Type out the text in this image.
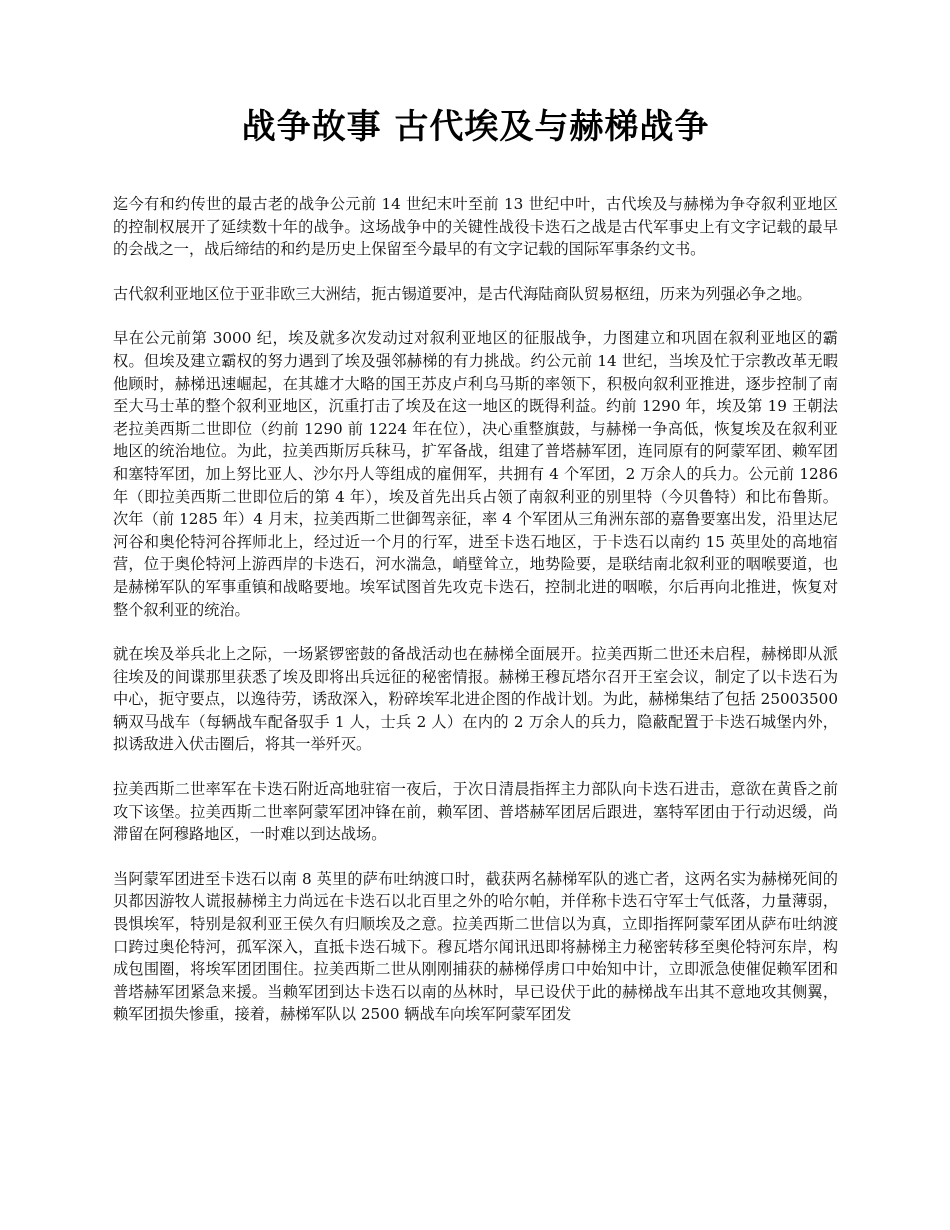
战争故事 古代埃及与赫梯战争

迄今有和约传世的最古老的战争公元前 14 世纪末叶至前 13 世纪中叶，古代埃及与赫梯为争夺叙利亚地区的控制权展开了延续数十年的战争。这场战争中的关键性战役卡迭石之战是古代军事史上有文字记载的最早的会战之一，战后缔结的和约是历史上保留至今最早的有文字记载的国际军事条约文书。

古代叙利亚地区位于亚非欧三大洲结，扼古锡道要冲，是古代海陆商队贸易枢纽，历来为列强必争之地。

早在公元前第 3000 纪，埃及就多次发动过对叙利亚地区的征服战争，力图建立和巩固在叙利亚地区的霸权。但埃及建立霸权的努力遇到了埃及强邻赫梯的有力挑战。约公元前 14 世纪，当埃及忙于宗教改革无暇他顾时，赫梯迅速崛起，在其雄才大略的国王苏皮卢利乌马斯的率领下，积极向叙利亚推进，逐步控制了南至大马士革的整个叙利亚地区，沉重打击了埃及在这一地区的既得利益。约前 1290 年，埃及第 19 王朝法老拉美西斯二世即位（约前 1290 前 1224 年在位），决心重整旗鼓，与赫梯一争高低，恢复埃及在叙利亚地区的统治地位。为此，拉美西斯厉兵秣马，扩军备战，组建了普塔赫军团，连同原有的阿蒙军团、赖军团和塞特军团，加上努比亚人、沙尔丹人等组成的雇佣军，共拥有 4 个军团，2 万余人的兵力。公元前 1286 年（即拉美西斯二世即位后的第 4 年），埃及首先出兵占领了南叙利亚的别里特（今贝鲁特）和比布鲁斯。次年（前 1285 年）4 月末，拉美西斯二世御驾亲征，率 4 个军团从三角洲东部的嘉鲁要塞出发，沿里达尼河谷和奥伦特河谷挥师北上，经过近一个月的行军，进至卡迭石地区，于卡迭石以南约 15 英里处的高地宿营，位于奥伦特河上游西岸的卡迭石，河水湍急，峭壁耸立，地势险要，是联结南北叙利亚的咽喉要道，也是赫梯军队的军事重镇和战略要地。埃军试图首先攻克卡迭石，控制北进的咽喉，尔后再向北推进，恢复对整个叙利亚的统治。

就在埃及举兵北上之际，一场紧锣密鼓的备战活动也在赫梯全面展开。拉美西斯二世还未启程，赫梯即从派往埃及的间谍那里获悉了埃及即将出兵远征的秘密情报。赫梯王穆瓦塔尔召开王室会议，制定了以卡迭石为中心，扼守要点，以逸待劳，诱敌深入，粉碎埃军北进企图的作战计划。为此，赫梯集结了包括 25003500 辆双马战车（每辆战车配备驭手 1 人，士兵 2 人）在内的 2 万余人的兵力，隐蔽配置于卡迭石城堡内外，拟诱敌进入伏击圈后，将其一举歼灭。

拉美西斯二世率军在卡迭石附近高地驻宿一夜后，于次日清晨指挥主力部队向卡迭石进击，意欲在黄昏之前攻下该堡。拉美西斯二世率阿蒙军团冲锋在前，赖军团、普塔赫军团居后跟进，塞特军团由于行动迟缓，尚滞留在阿穆路地区，一时难以到达战场。

当阿蒙军团进至卡迭石以南 8 英里的萨布吐纳渡口时，截获两名赫梯军队的逃亡者，这两名实为赫梯死间的贝都因游牧人谎报赫梯主力尚远在卡迭石以北百里之外的哈尔帕，并佯称卡迭石守军士气低落，力量薄弱，畏惧埃军，特别是叙利亚王侯久有归顺埃及之意。拉美西斯二世信以为真，立即指挥阿蒙军团从萨布吐纳渡口跨过奥伦特河，孤军深入，直抵卡迭石城下。穆瓦塔尔闻讯迅即将赫梯主力秘密转移至奥伦特河东岸，构成包围圈，将埃军团团围住。拉美西斯二世从刚刚捕获的赫梯俘虏口中始知中计，立即派急使催促赖军团和普塔赫军团紧急来援。当赖军团到达卡迭石以南的丛林时，早已设伏于此的赫梯战车出其不意地攻其侧翼，赖军团损失惨重，接着，赫梯军队以 2500 辆战车向埃军阿蒙军团发
